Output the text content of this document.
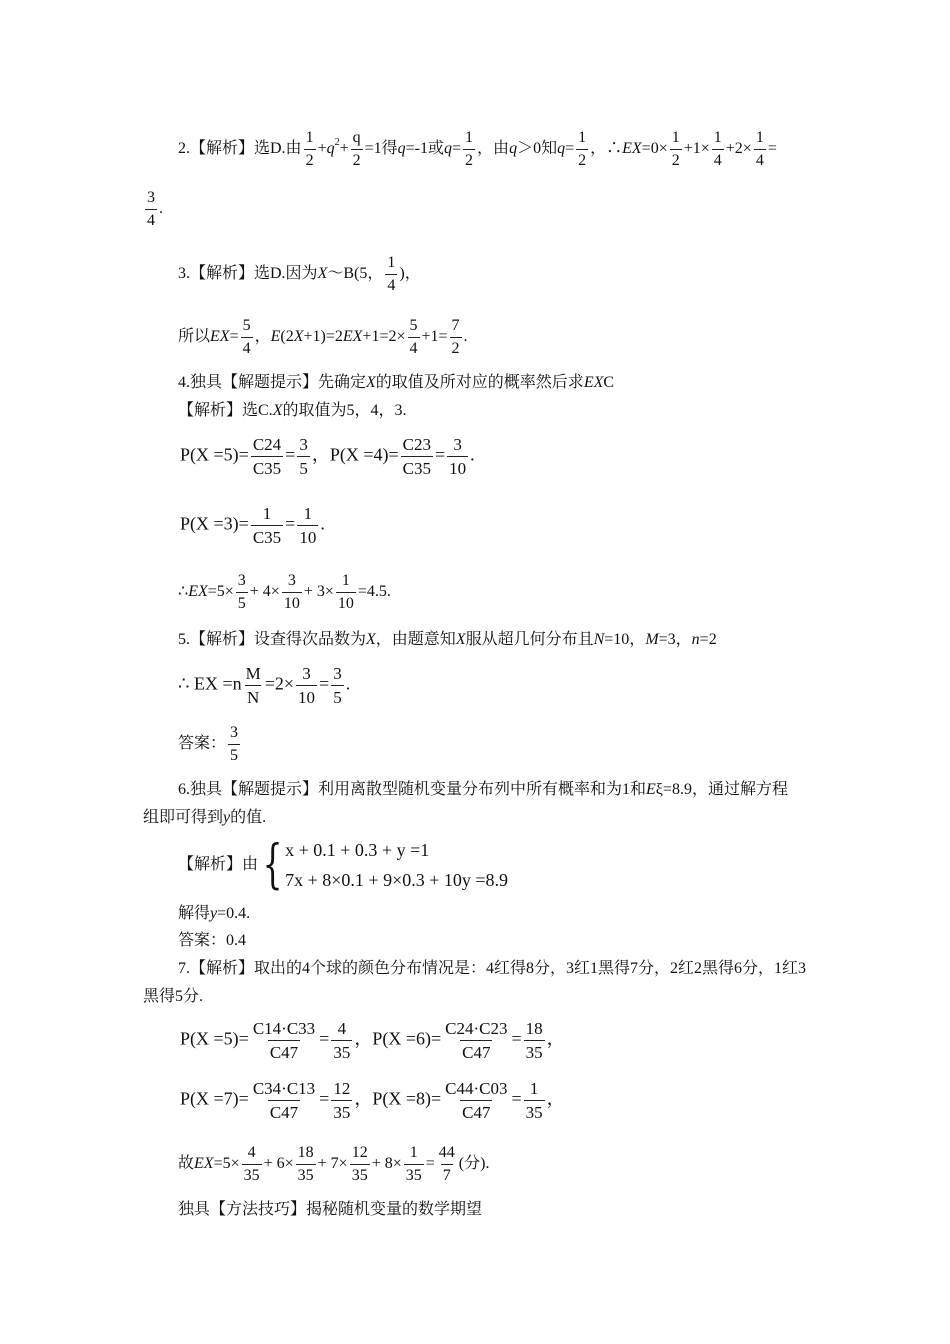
2.【解析】选D.由 $\frac{1}{2} +q^2+ \frac{q}{2} =1$得q=-1或$q= \frac{1}{2}$ ，由q＞0知$q= \frac{1}{2}$ ，∴EX=0× $\frac{1}{2} +1\times \frac{1}{4} +2\times \frac{1}{4}$ =
$\frac{3}{4}$ .
3.【解析】选D.因为X～B(5， $\frac{1}{4}$ )，
所以$EX= \frac{5}{4}$ ，$E(2X+1)=2EX+1=2\times \frac{5}{4} +1= \frac{7}{2}$ .
4.独具【解题提示】先确定X的取值及所对应的概率然后求EXC
【解析】选C.X的取值为5，4，3.
$P(X =5)= \frac{C24}{C35} = \frac{3}{5}$ ，$P(X =4)= \frac{C23}{C35} = \frac{3}{10}$ .
$P(X =3)= \frac{1}{C35} = \frac{1}{10}$ .
∴EX=5× $\frac{3}{5} + 4\times \frac{3}{10} + 3\times \frac{1}{10} =4.5$.
5.【解析】设查得次品数为X，由题意知X服从超几何分布且N=10，M=3，n=2
∴ EX $=n \frac{M}{N} =2\times \frac{3}{10} = \frac{3}{5}$ .
答案： $\frac{3}{5}$
6.独具【解题提示】利用离散型随机变量分布列中所有概率和为1和Eξ=8.9，通过解方程
组即可得到y的值.
【解析】由{ x + 0.1 + 0.3 + y =1
7x + 8×0.1 + 9×0.3 + 10y =8.9
解得y=0.4.
答案：0.4
7.【解析】取出的4个球的颜色分布情况是：4红得8分，3红1黑得7分，2红2黑得6分，1红3
黑得5分.
$P(X =5)= \frac{C14\cdot C33}{C47} = \frac{4}{35}$ ，$P(X =6)= \frac{C24\cdot C23}{C47} = \frac{18}{35}$ ，
$P(X =7)= \frac{C34\cdot C13}{C47} = \frac{12}{35}$ ，$P(X =8)= \frac{C44\cdot C03}{C47} = \frac{1}{35}$ ，
故$EX=5\times \frac{4}{35} + 6\times \frac{18}{35} + 7\times \frac{12}{35} + 8\times \frac{1}{35} = \frac{44}{7}$ (分).
独具【方法技巧】揭秘随机变量的数学期望
